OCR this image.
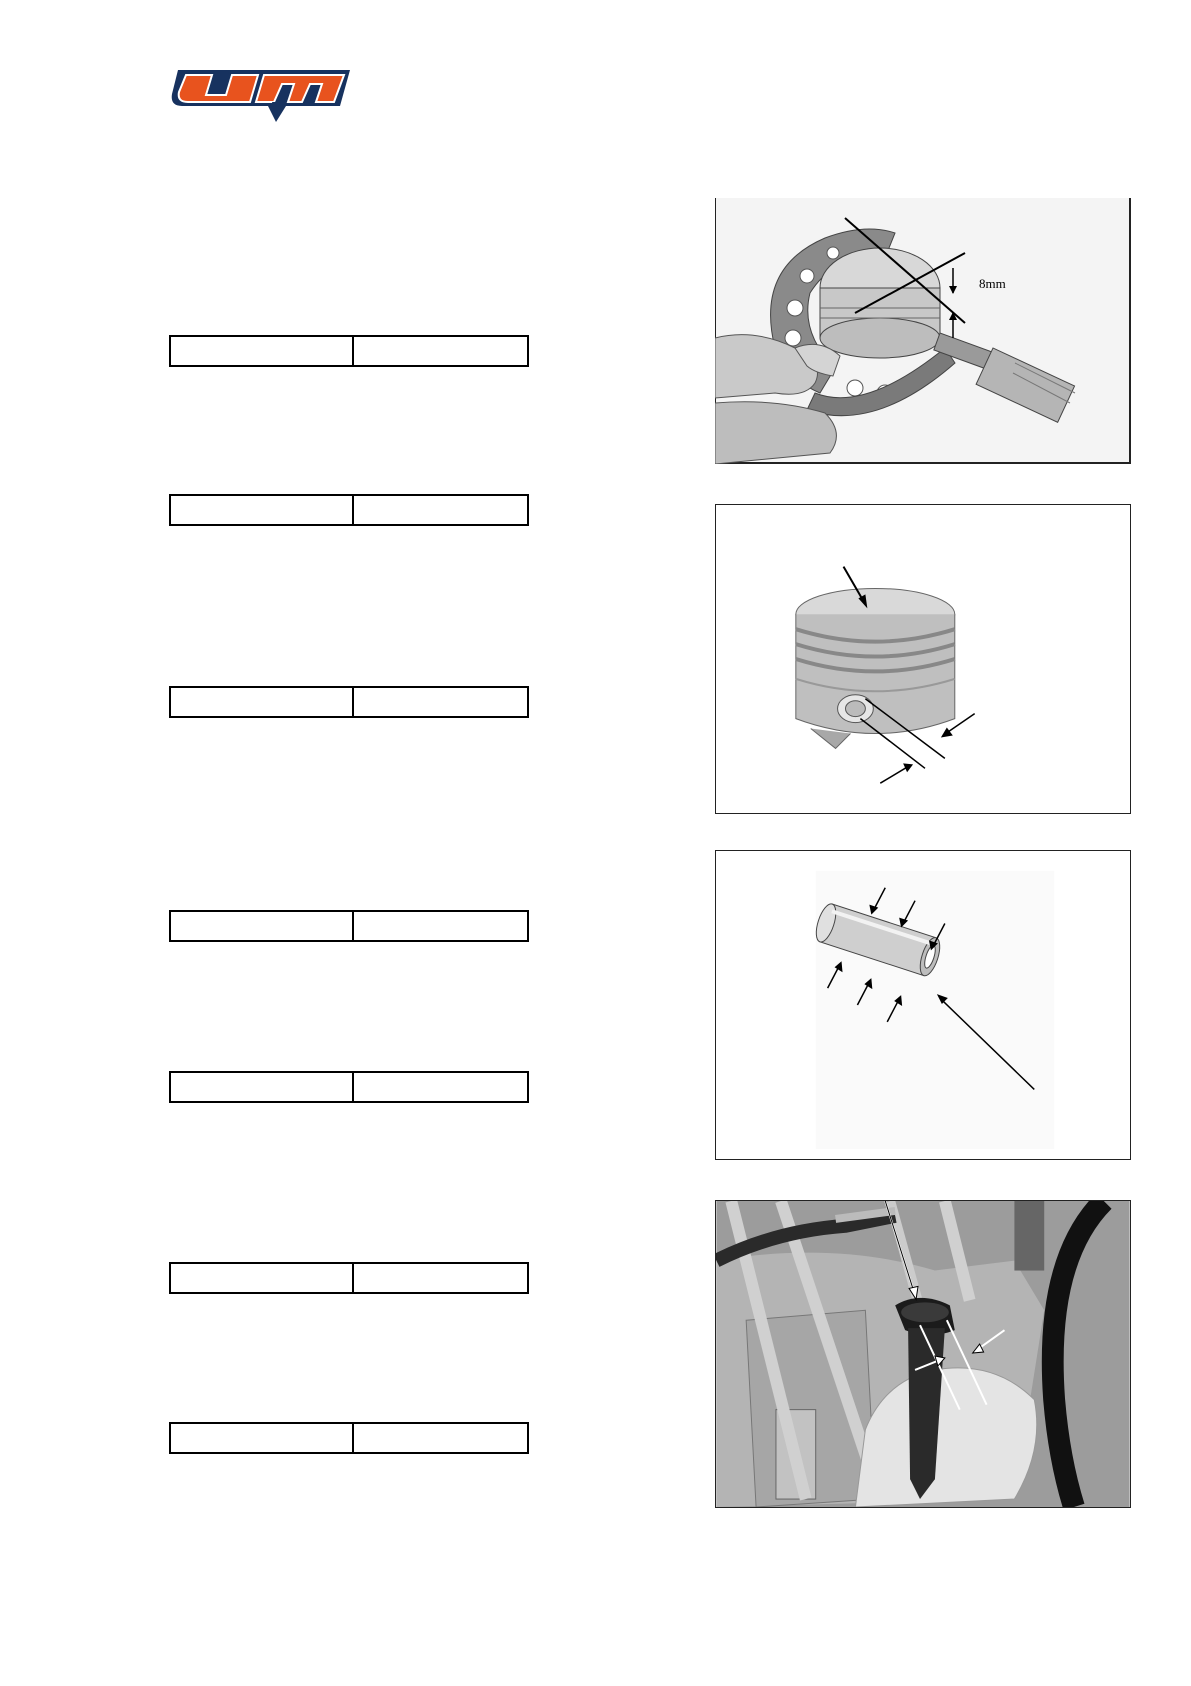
8mm
